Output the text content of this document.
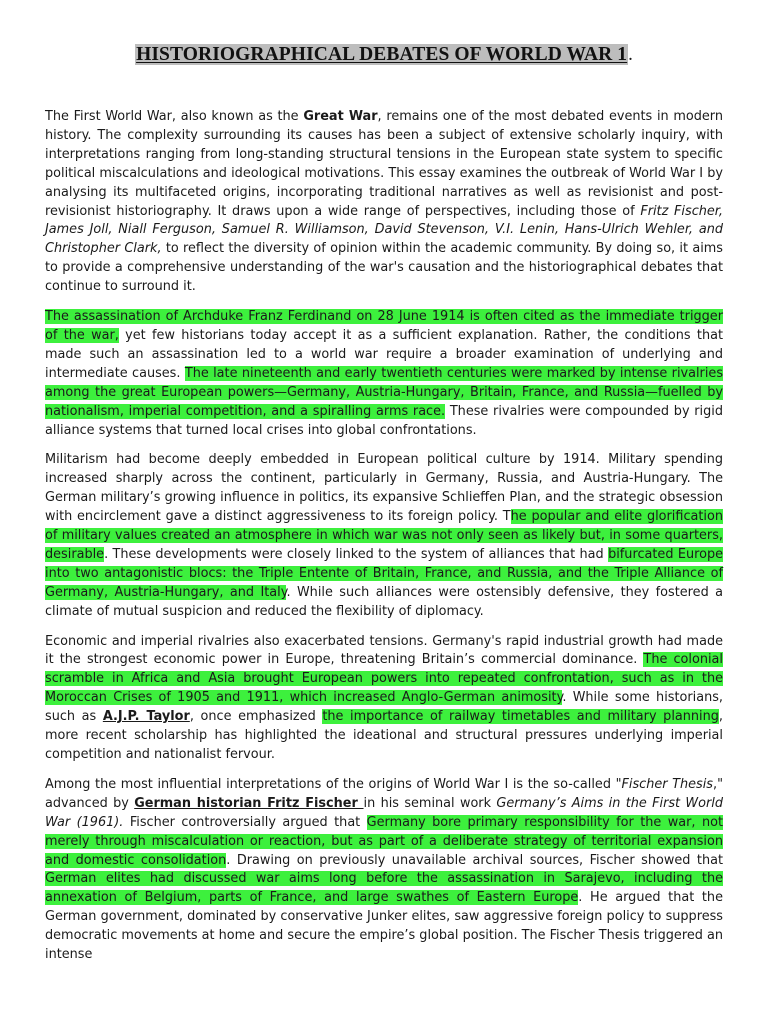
HISTORIOGRAPHICAL DEBATES OF WORLD WAR 1.

The First World War, also known as the Great War, remains one of the most debated events in modern history. The complexity surrounding its causes has been a subject of extensive scholarly inquiry, with interpretations ranging from long-standing structural tensions in the European state system to specific political miscalculations and ideological motivations. This essay examines the outbreak of World War I by analysing its multifaceted origins, incorporating traditional narratives as well as revisionist and post-revisionist historiography. It draws upon a wide range of perspectives, including those of Fritz Fischer, James Joll, Niall Ferguson, Samuel R. Williamson, David Stevenson, V.I. Lenin, Hans-Ulrich Wehler, and Christopher Clark, to reflect the diversity of opinion within the academic community. By doing so, it aims to provide a comprehensive understanding of the war's causation and the historiographical debates that continue to surround it.

The assassination of Archduke Franz Ferdinand on 28 June 1914 is often cited as the immediate trigger of the war, yet few historians today accept it as a sufficient explanation. Rather, the conditions that made such an assassination led to a world war require a broader examination of underlying and intermediate causes. The late nineteenth and early twentieth centuries were marked by intense rivalries among the great European powers—Germany, Austria-Hungary, Britain, France, and Russia—fuelled by nationalism, imperial competition, and a spiralling arms race. These rivalries were compounded by rigid alliance systems that turned local crises into global confrontations.

Militarism had become deeply embedded in European political culture by 1914. Military spending increased sharply across the continent, particularly in Germany, Russia, and Austria-Hungary. The German military’s growing influence in politics, its expansive Schlieffen Plan, and the strategic obsession with encirclement gave a distinct aggressiveness to its foreign policy. The popular and elite glorification of military values created an atmosphere in which war was not only seen as likely but, in some quarters, desirable. These developments were closely linked to the system of alliances that had bifurcated Europe into two antagonistic blocs: the Triple Entente of Britain, France, and Russia, and the Triple Alliance of Germany, Austria-Hungary, and Italy. While such alliances were ostensibly defensive, they fostered a climate of mutual suspicion and reduced the flexibility of diplomacy.

Economic and imperial rivalries also exacerbated tensions. Germany's rapid industrial growth had made it the strongest economic power in Europe, threatening Britain’s commercial dominance. The colonial scramble in Africa and Asia brought European powers into repeated confrontation, such as in the Moroccan Crises of 1905 and 1911, which increased Anglo-German animosity. While some historians, such as A.J.P. Taylor, once emphasized the importance of railway timetables and military planning, more recent scholarship has highlighted the ideational and structural pressures underlying imperial competition and nationalist fervour.

Among the most influential interpretations of the origins of World War I is the so-called "Fischer Thesis," advanced by German historian Fritz Fischer in his seminal work Germany’s Aims in the First World War (1961). Fischer controversially argued that Germany bore primary responsibility for the war, not merely through miscalculation or reaction, but as part of a deliberate strategy of territorial expansion and domestic consolidation. Drawing on previously unavailable archival sources, Fischer showed that German elites had discussed war aims long before the assassination in Sarajevo, including the annexation of Belgium, parts of France, and large swathes of Eastern Europe. He argued that the German government, dominated by conservative Junker elites, saw aggressive foreign policy to suppress democratic movements at home and secure the empire’s global position. The Fischer Thesis triggered an intense
